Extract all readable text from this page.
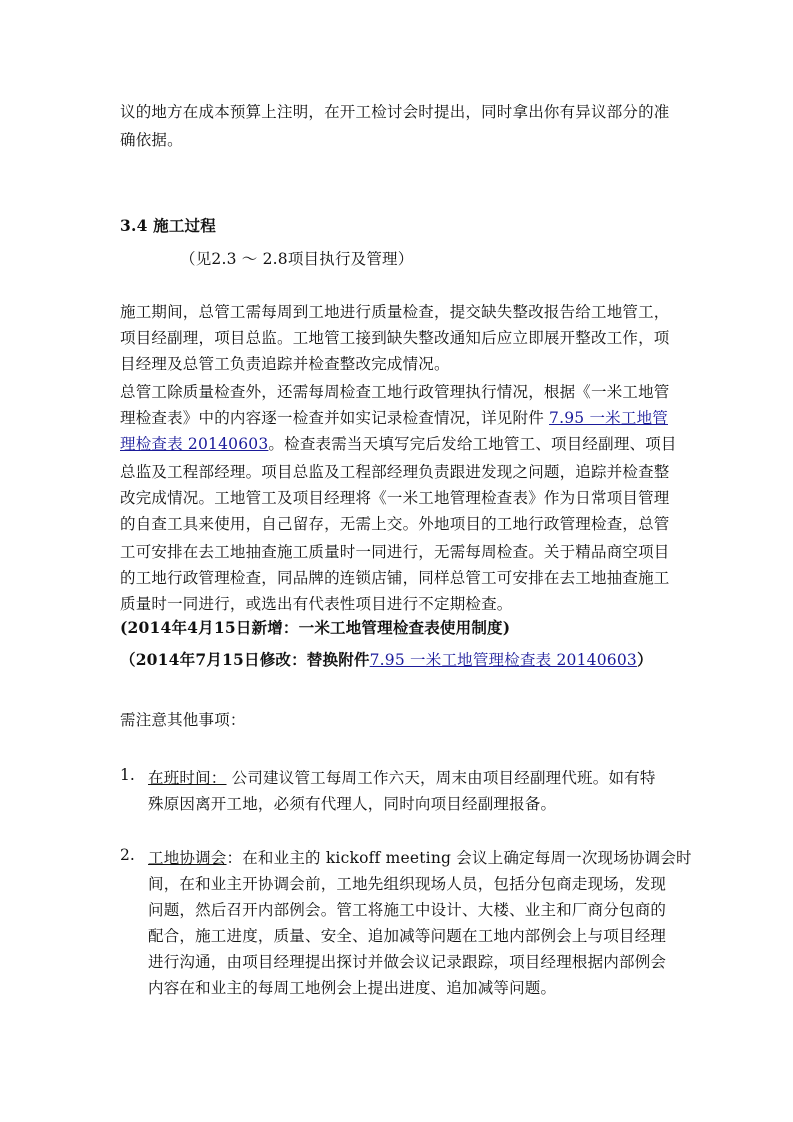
议的地方在成本预算上注明，在开工检讨会时提出，同时拿出你有异议部分的准
确依据。
3.4 施工过程
（见2.3 ～ 2.8项目执行及管理）
施工期间，总管工需每周到工地进行质量检查，提交缺失整改报告给工地管工，
项目经副理，项目总监。工地管工接到缺失整改通知后应立即展开整改工作，项
目经理及总管工负责追踪并检查整改完成情况。
总管工除质量检查外，还需每周检查工地行政管理执行情况，根据《一米工地管
理检查表》中的内容逐一检查并如实记录检查情况，详见附件 7.95 一米工地管
理检查表 20140603。检查表需当天填写完后发给工地管工、项目经副理、项目
总监及工程部经理。项目总监及工程部经理负责跟进发现之问题，追踪并检查整
改完成情况。工地管工及项目经理将《一米工地管理检查表》作为日常项目管理
的自查工具来使用，自己留存，无需上交。外地项目的工地行政管理检查，总管
工可安排在去工地抽查施工质量时一同进行，无需每周检查。关于精品商空项目
的工地行政管理检查，同品牌的连锁店铺，同样总管工可安排在去工地抽查施工
质量时一同进行，或选出有代表性项目进行不定期检查。
(2014年4月15日新增：一米工地管理检查表使用制度)
（2014年7月15日修改：替换附件7.95 一米工地管理检查表 20140603）
需注意其他事项：
1. 在班时间： 公司建议管工每周工作六天，周末由项目经副理代班。如有特
殊原因离开工地，必须有代理人，同时向项目经副理报备。
2. 工地协调会：在和业主的 kickoff meeting 会议上确定每周一次现场协调会时
间，在和业主开协调会前，工地先组织现场人员，包括分包商走现场，发现
问题，然后召开内部例会。管工将施工中设计、大楼、业主和厂商分包商的
配合，施工进度，质量、安全、追加减等问题在工地内部例会上与项目经理
进行沟通，由项目经理提出探讨并做会议记录跟踪，项目经理根据内部例会
内容在和业主的每周工地例会上提出进度、追加减等问题。
